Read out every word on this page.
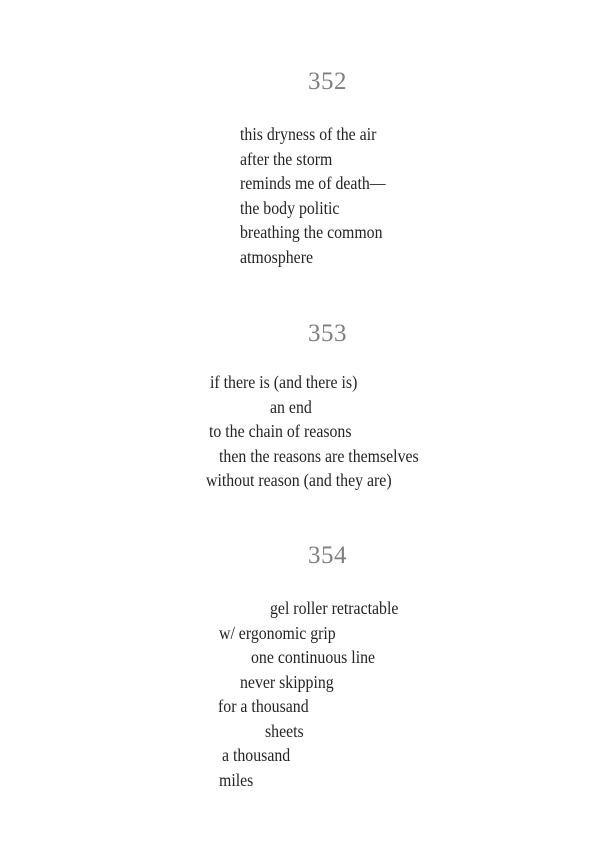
352
this dryness of the air
after the storm
reminds me of death—
the body politic
breathing the common
atmosphere
353
if there is (and there is)
an end
to the chain of reasons
then the reasons are themselves
without reason (and they are)
354
gel roller retractable
w/ ergonomic grip
one continuous line
never skipping
for a thousand
sheets
a thousand
miles
